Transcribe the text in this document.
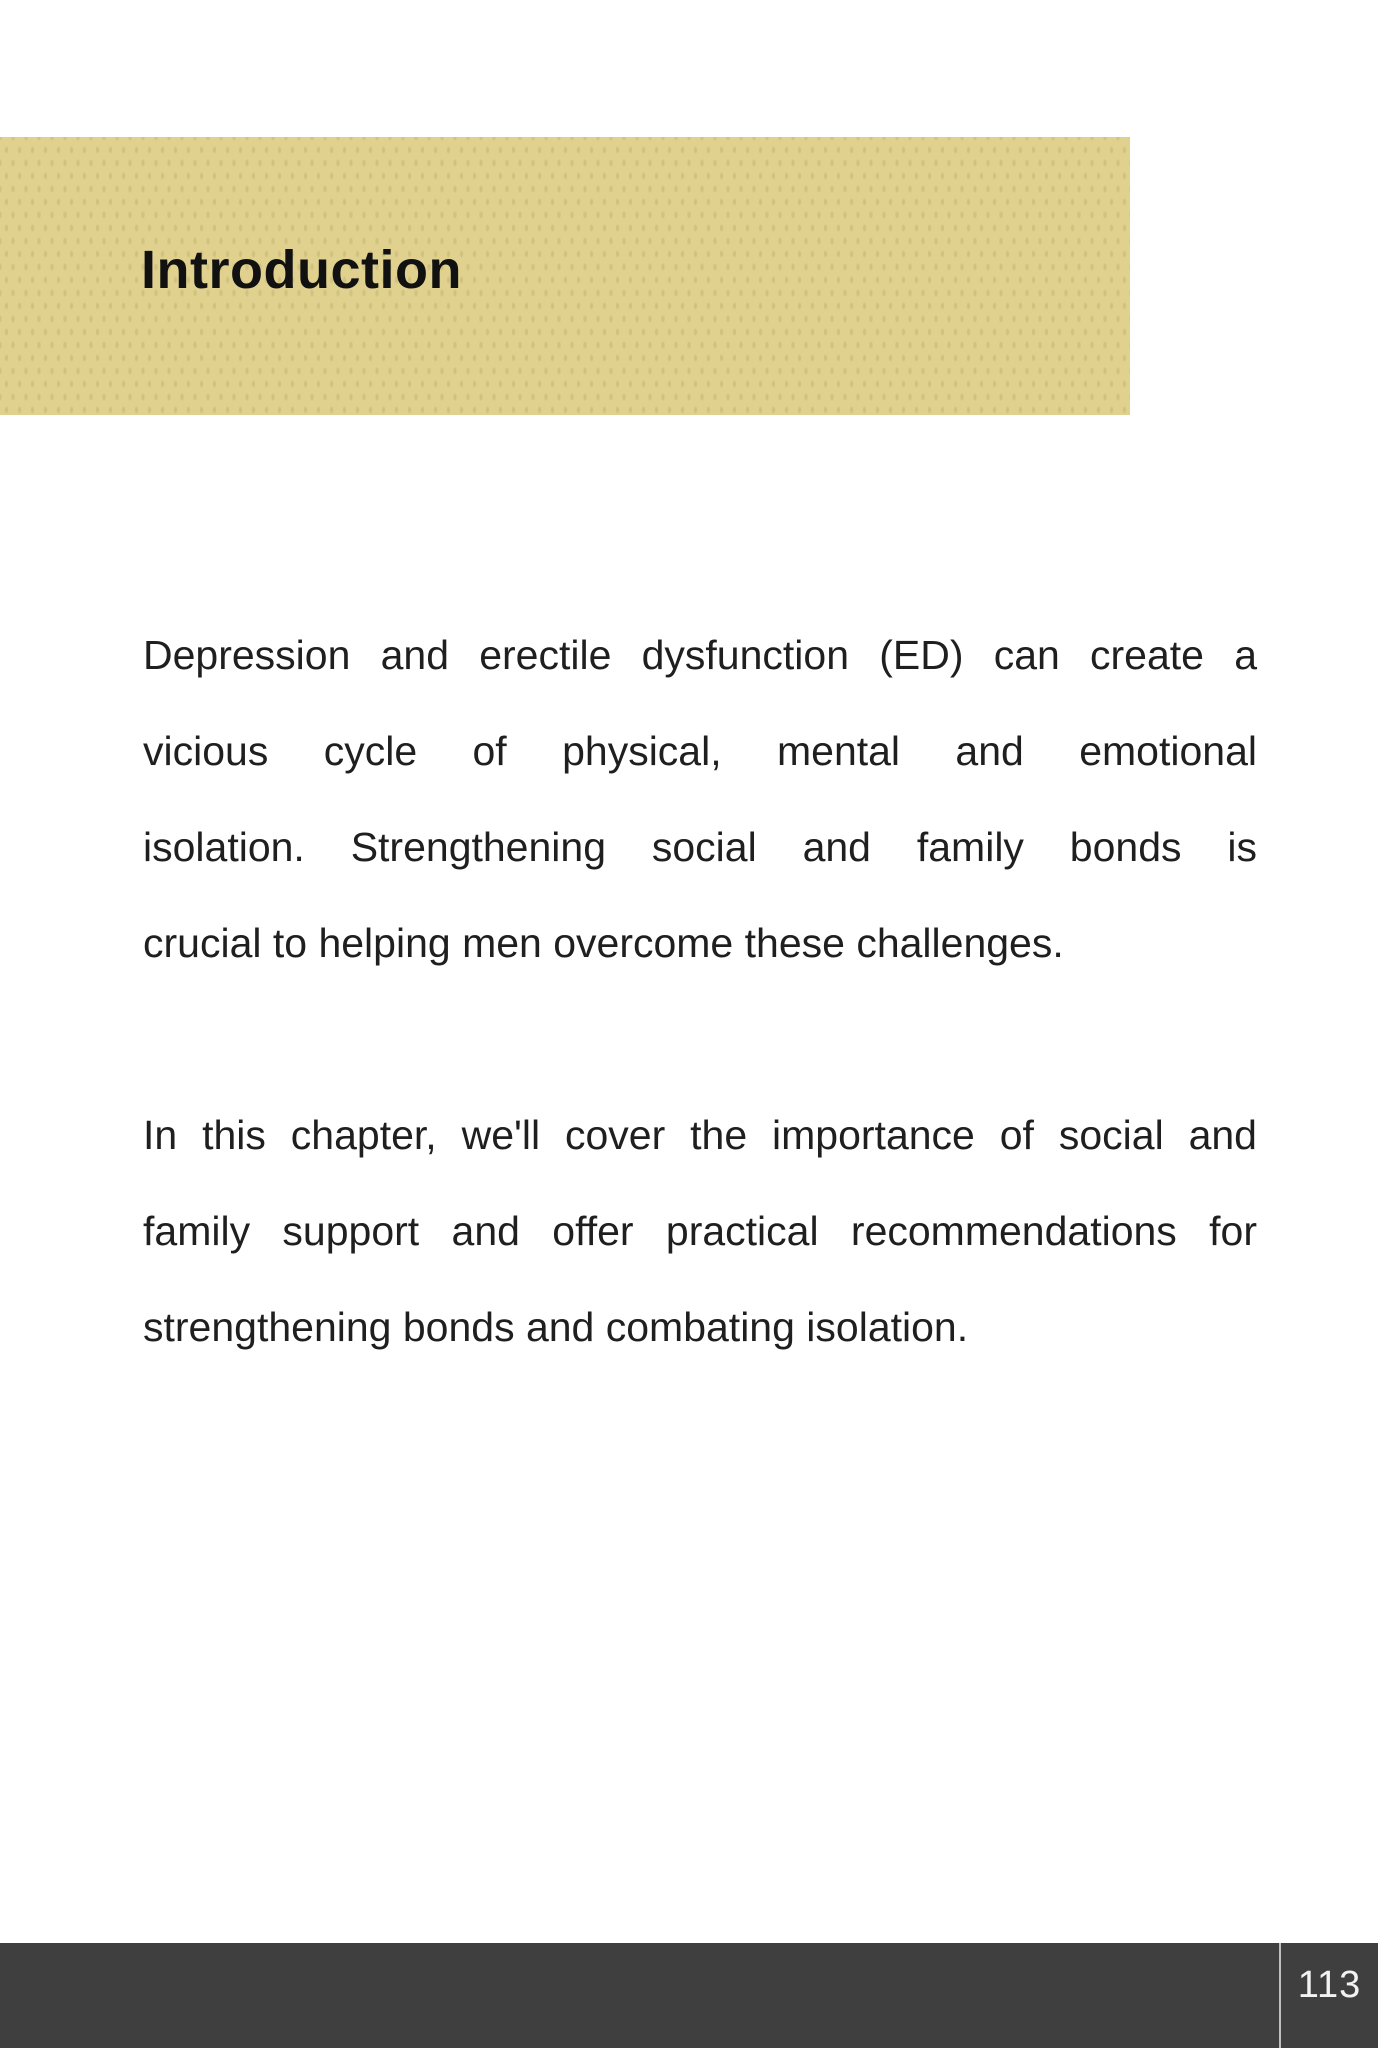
Introduction
Depression and erectile dysfunction (ED) can create a
vicious cycle of physical, mental and emotional
isolation. Strengthening social and family bonds is
crucial to helping men overcome these challenges.
In this chapter, we'll cover the importance of social and
family support and offer practical recommendations for
strengthening bonds and combating isolation.
113
